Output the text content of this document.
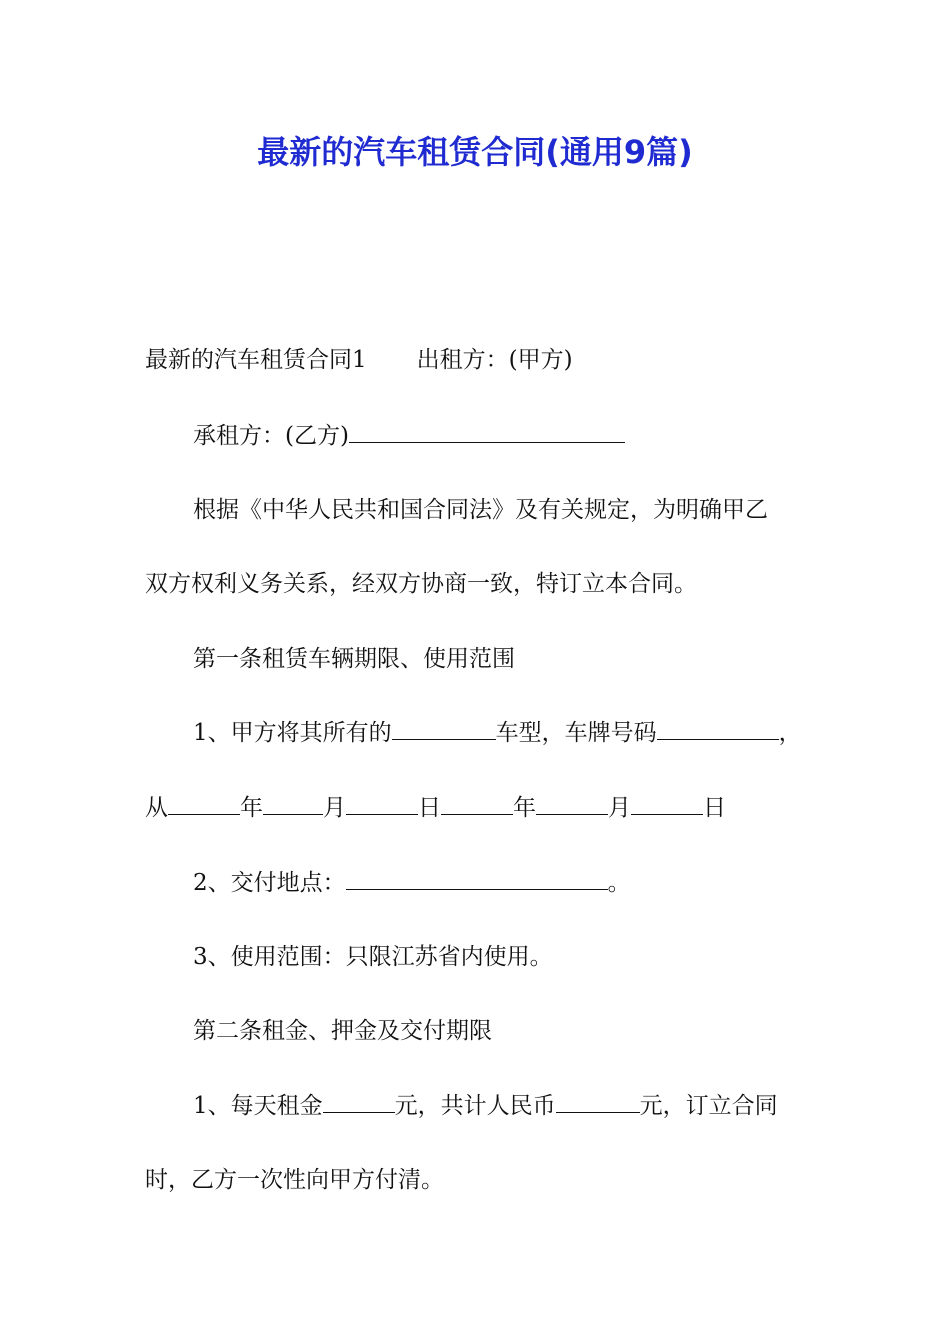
最新的汽车租赁合同(通用9篇)
最新的汽车租赁合同1 出租方：(甲方)
承租方：(乙方)
根据《中华人民共和国合同法》及有关规定，为明确甲乙
双方权利义务关系，经双方协商一致，特订立本合同。
第一条租赁车辆期限、使用范围
1、甲方将其所有的	车型，车牌号码	，
从	年	月	日	年	月	日
2、交付地点：	。
3、使用范围：只限江苏省内使用。
第二条租金、押金及交付期限
1、每天租金	元，共计人民币	元，订立合同
时，乙方一次性向甲方付清。
